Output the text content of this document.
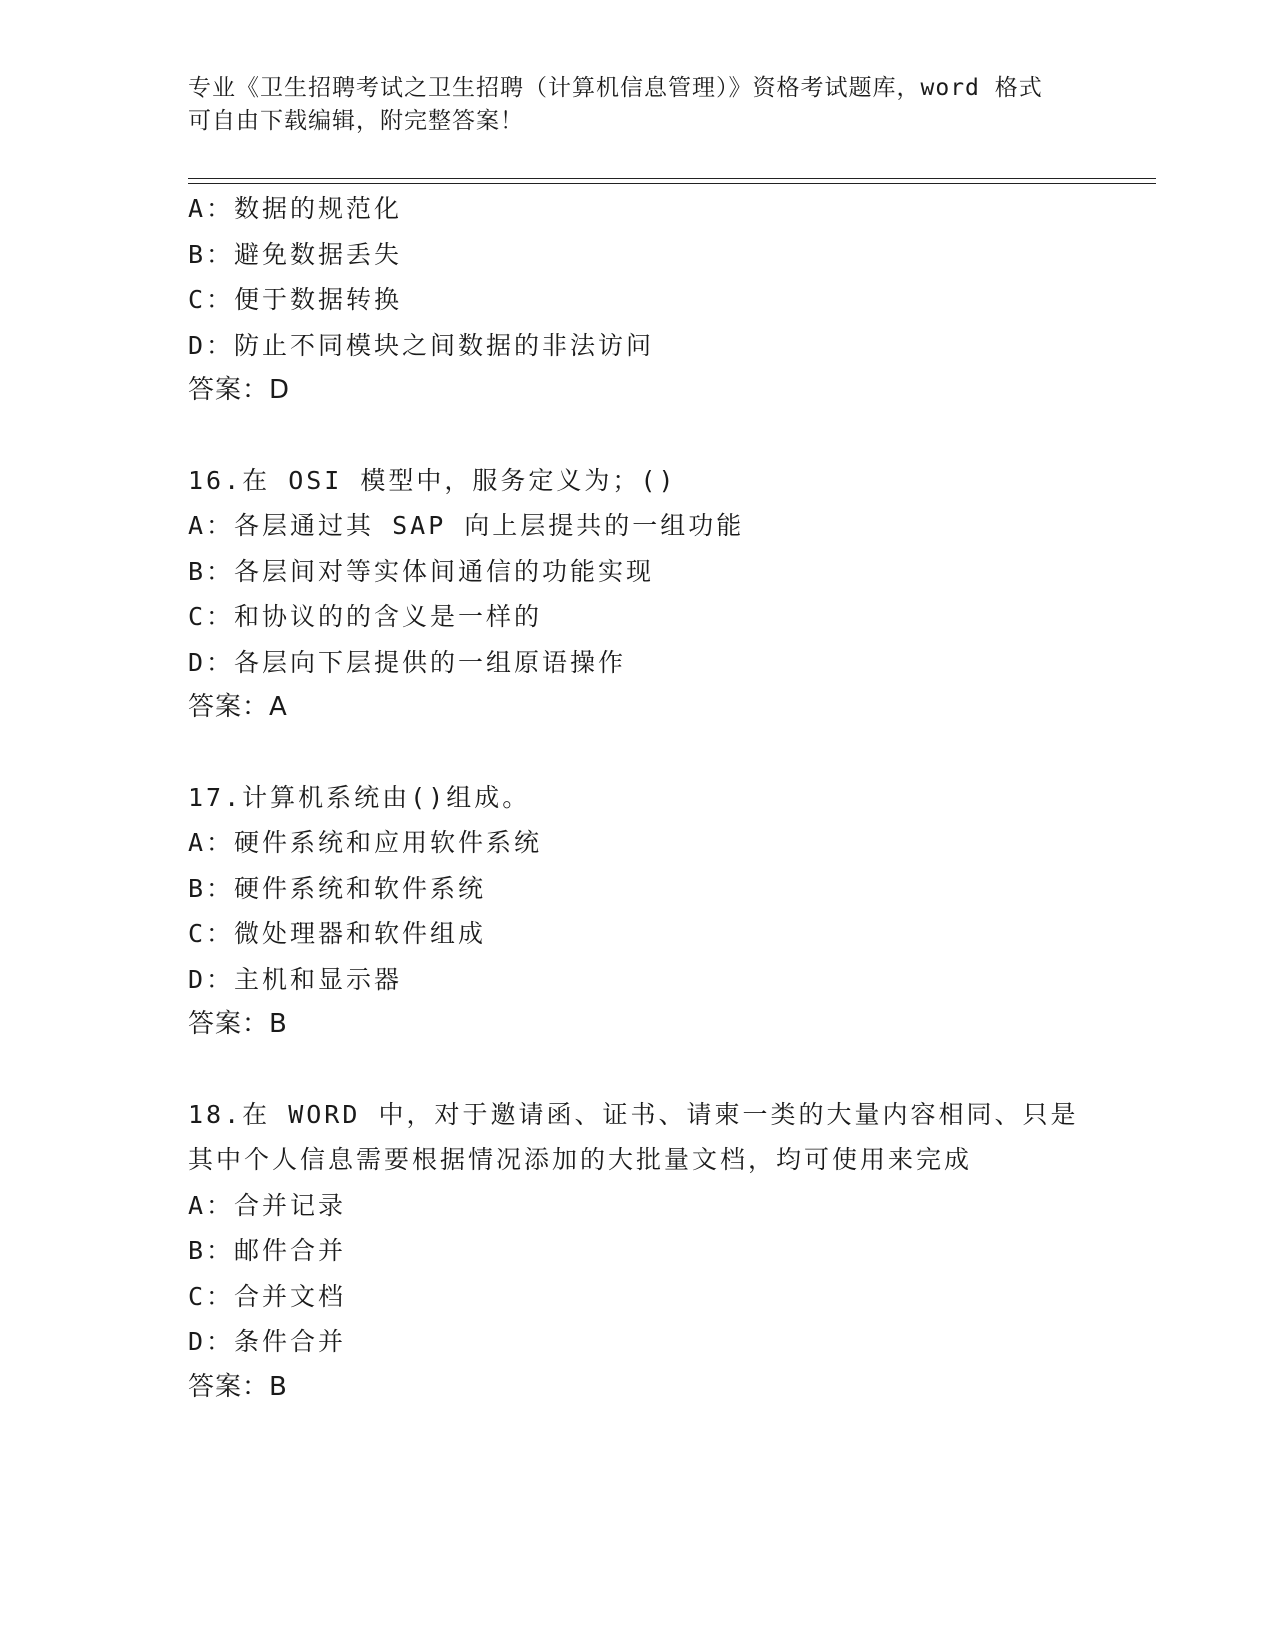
专业《卫生招聘考试之卫生招聘（计算机信息管理）》资格考试题库，word 格式
可自由下载编辑，附完整答案！
A：数据的规范化
B：避免数据丢失
C：便于数据转换
D：防止不同模块之间数据的非法访问
答案：D
16.在 OSI 模型中，服务定义为；()
A：各层通过其 SAP 向上层提共的一组功能
B：各层间对等实体间通信的功能实现
C：和协议的的含义是一样的
D：各层向下层提供的一组原语操作
答案：A
17.计算机系统由()组成。
A：硬件系统和应用软件系统
B：硬件系统和软件系统
C：微处理器和软件组成
D：主机和显示器
答案：B
18.在 WORD 中，对于邀请函、证书、请柬一类的大量内容相同、只是
其中个人信息需要根据情况添加的大批量文档，均可使用来完成
A：合并记录
B：邮件合并
C：合并文档
D：条件合并
答案：B
